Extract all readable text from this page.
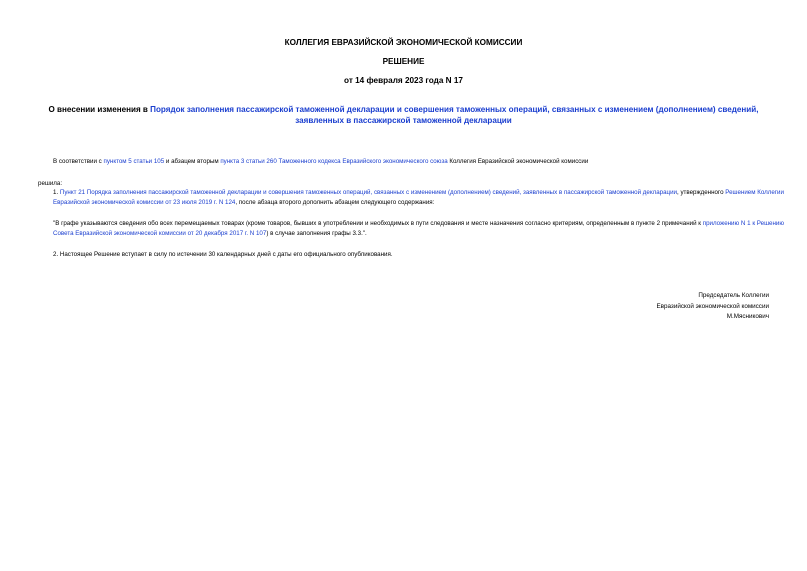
КОЛЛЕГИЯ ЕВРАЗИЙСКОЙ ЭКОНОМИЧЕСКОЙ КОМИССИИ
РЕШЕНИЕ
от 14 февраля 2023 года N 17
О внесении изменения в Порядок заполнения пассажирской таможенной декларации и совершения таможенных операций, связанных с изменением (дополнением) сведений, заявленных в пассажирской таможенной декларации
В соответствии с пунктом 5 статьи 105 и абзацем вторым пункта 3 статьи 260 Таможенного кодекса Евразийского экономического союза Коллегия Евразийской экономической комиссии
решила:
1. Пункт 21 Порядка заполнения пассажирской таможенной декларации и совершения таможенных операций, связанных с изменением (дополнением) сведений, заявленных в пассажирской таможенной декларации, утвержденного Решением Коллегии Евразийской экономической комиссии от 23 июля 2019 г. N 124, после абзаца второго дополнить абзацем следующего содержания:
"В графе указываются сведения обо всех перемещаемых товарах (кроме товаров, бывших в употреблении и необходимых в пути следования и месте назначения согласно критериям, определенным в пункте 2 примечаний к приложению N 1 к Решению Совета Евразийской экономической комиссии от 20 декабря 2017 г. N 107) в случае заполнения графы 3.3.".
2. Настоящее Решение вступает в силу по истечении 30 календарных дней с даты его официального опубликования.
Председатель Коллегии
Евразийской экономической комиссии
М.Мясникович
